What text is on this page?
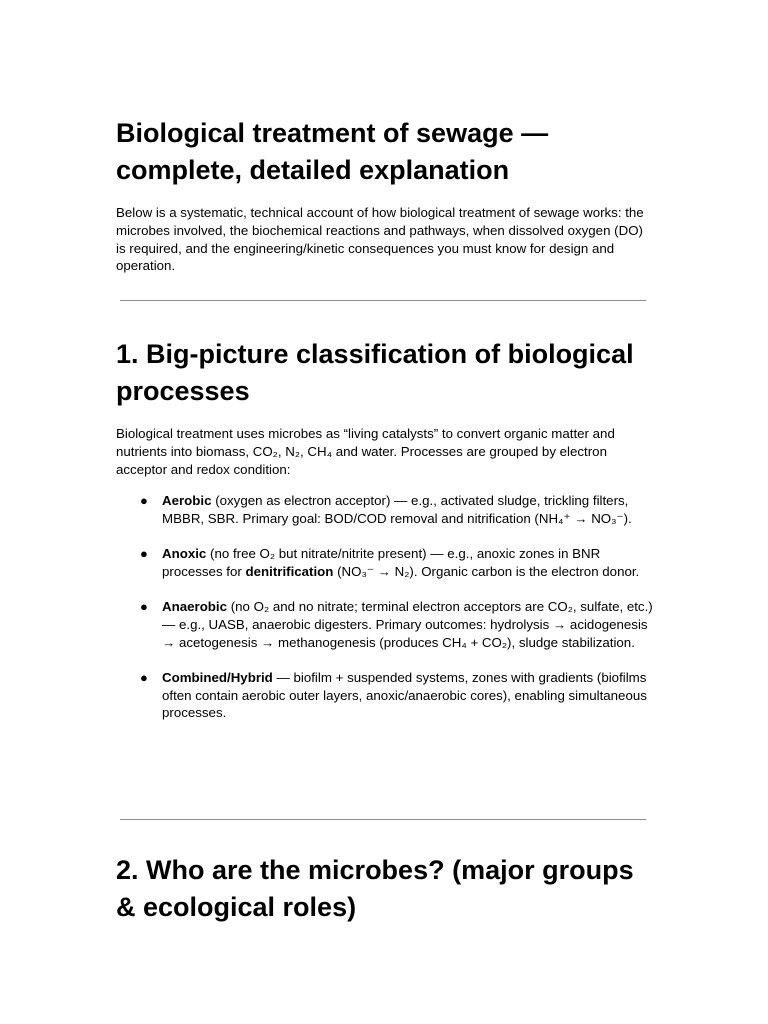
Biological treatment of sewage — complete, detailed explanation

Below is a systematic, technical account of how biological treatment of sewage works: the microbes involved, the biochemical reactions and pathways, when dissolved oxygen (DO) is required, and the engineering/kinetic consequences you must know for design and operation.

1. Big-picture classification of biological processes

Biological treatment uses microbes as “living catalysts” to convert organic matter and nutrients into biomass, CO₂, N₂, CH₄ and water. Processes are grouped by electron acceptor and redox condition:

● Aerobic (oxygen as electron acceptor) — e.g., activated sludge, trickling filters, MBBR, SBR. Primary goal: BOD/COD removal and nitrification (NH₄⁺ → NO₃⁻).
● Anoxic (no free O₂ but nitrate/nitrite present) — e.g., anoxic zones in BNR processes for denitrification (NO₃⁻ → N₂). Organic carbon is the electron donor.
● Anaerobic (no O₂ and no nitrate; terminal electron acceptors are CO₂, sulfate, etc.) — e.g., UASB, anaerobic digesters. Primary outcomes: hydrolysis → acidogenesis → acetogenesis → methanogenesis (produces CH₄ + CO₂), sludge stabilization.
● Combined/Hybrid — biofilm + suspended systems, zones with gradients (biofilms often contain aerobic outer layers, anoxic/anaerobic cores), enabling simultaneous processes.
2. Who are the microbes? (major groups & ecological roles)
